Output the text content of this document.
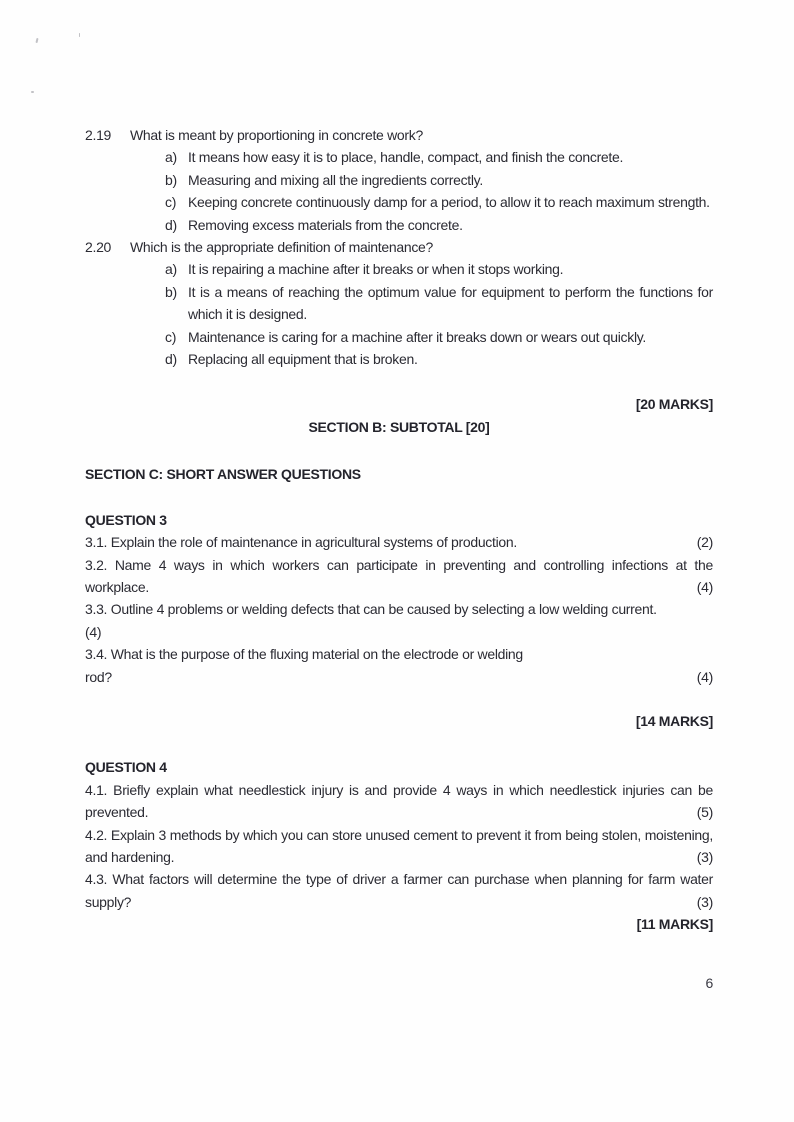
2.19	What is meant by proportioning in concrete work?
a) It means how easy it is to place, handle, compact, and finish the concrete.
b) Measuring and mixing all the ingredients correctly.
c) Keeping concrete continuously damp for a period, to allow it to reach maximum strength.
d) Removing excess materials from the concrete.
2.20	Which is the appropriate definition of maintenance?
a) It is repairing a machine after it breaks or when it stops working.
b) It is a means of reaching the optimum value for equipment to perform the functions for which it is designed.
c) Maintenance is caring for a machine after it breaks down or wears out quickly.
d) Replacing all equipment that is broken.
[20 MARKS]
SECTION B: SUBTOTAL [20]
SECTION C: SHORT ANSWER QUESTIONS
QUESTION 3
3.1. Explain the role of maintenance in agricultural systems of production.	(2)
3.2. Name 4 ways in which workers can participate in preventing and controlling infections at the workplace.	(4)
3.3. Outline 4 problems or welding defects that can be caused by selecting a low welding current.
(4)
3.4. What is the purpose of the fluxing material on the electrode or welding
rod?	(4)
[14 MARKS]
QUESTION 4
4.1. Briefly explain what needlestick injury is and provide 4 ways in which needlestick injuries can be prevented.	(5)
4.2. Explain 3 methods by which you can store unused cement to prevent it from being stolen, moistening, and hardening.	(3)
4.3. What factors will determine the type of driver a farmer can purchase when planning for farm water supply?	(3)
[11 MARKS]
6
